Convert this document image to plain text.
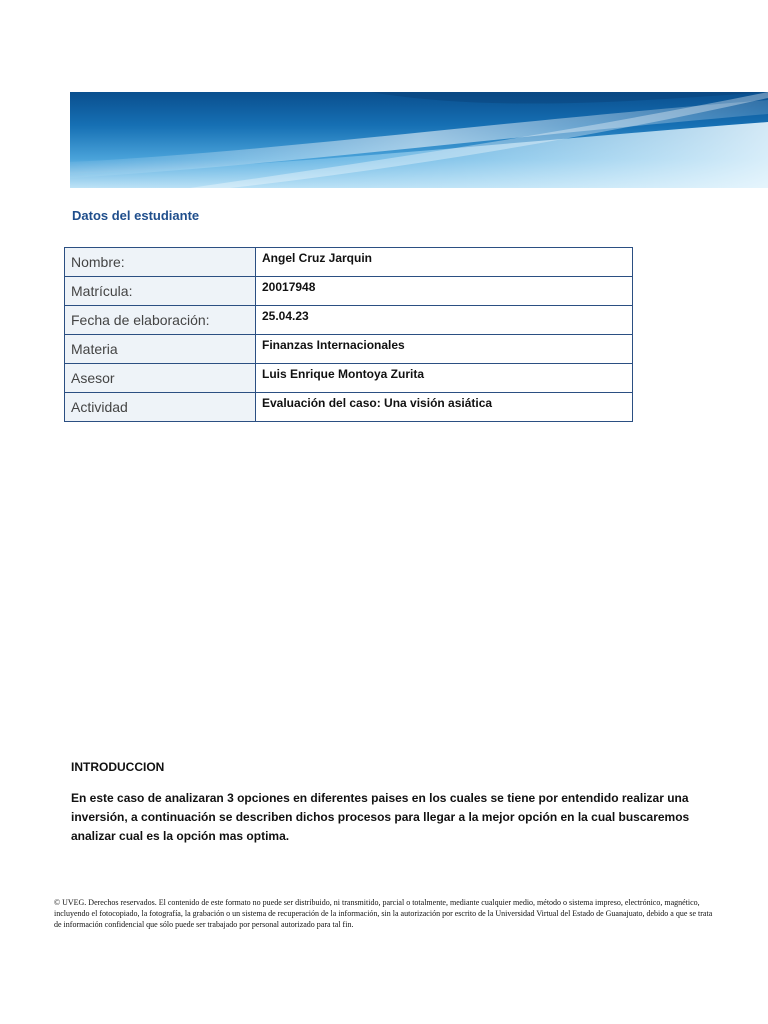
Datos del estudiante
Nombre:	Angel Cruz Jarquin
Matrícula:	20017948
Fecha de elaboración:	25.04.23
Materia	Finanzas Internacionales
Asesor	Luis Enrique Montoya Zurita
Actividad	Evaluación del caso: Una visión asiática
INTRODUCCION
En este caso de analizaran 3 opciones en diferentes paises en los cuales se tiene por entendido realizar una inversión, a continuación se describen dichos procesos para llegar a la mejor opción en la cual buscaremos analizar cual es la opción mas optima.
© UVEG. Derechos reservados. El contenido de este formato no puede ser distribuido, ni transmitido, parcial o totalmente, mediante cualquier medio, método o sistema impreso, electrónico, magnético, incluyendo el fotocopiado, la fotografía, la grabación o un sistema de recuperación de la información, sin la autorización por escrito de la Universidad Virtual del Estado de Guanajuato, debido a que se trata de información confidencial que sólo puede ser trabajado por personal autorizado para tal fin.
